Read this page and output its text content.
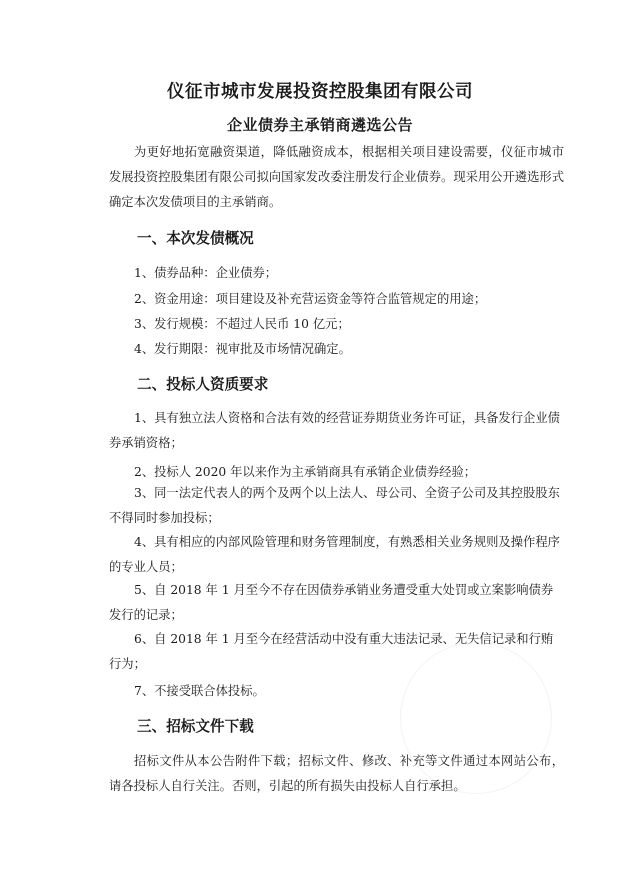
仪征市城市发展投资控股集团有限公司
企业债券主承销商遴选公告
为更好地拓宽融资渠道，降低融资成本，根据相关项目建设需要，仪征市城市发展投资控股集团有限公司拟向国家发改委注册发行企业债券。现采用公开遴选形式确定本次发债项目的主承销商。
一、本次发债概况
1、债券品种：企业债券；
2、资金用途：项目建设及补充营运资金等符合监管规定的用途；
3、发行规模：不超过人民币 10 亿元；
4、发行期限：视审批及市场情况确定。
二、投标人资质要求
1、具有独立法人资格和合法有效的经营证券期货业务许可证，具备发行企业债券承销资格；
2、投标人 2020 年以来作为主承销商具有承销企业债券经验；
3、同一法定代表人的两个及两个以上法人、母公司、全资子公司及其控股股东不得同时参加投标；
4、具有相应的内部风险管理和财务管理制度，有熟悉相关业务规则及操作程序的专业人员；
5、自 2018 年 1 月至今不存在因债券承销业务遭受重大处罚或立案影响债券发行的记录；
6、自 2018 年 1 月至今在经营活动中没有重大违法记录、无失信记录和行贿行为；
7、不接受联合体投标。
三、招标文件下载
招标文件从本公告附件下载；招标文件、修改、补充等文件通过本网站公布，请各投标人自行关注。否则，引起的所有损失由投标人自行承担。
